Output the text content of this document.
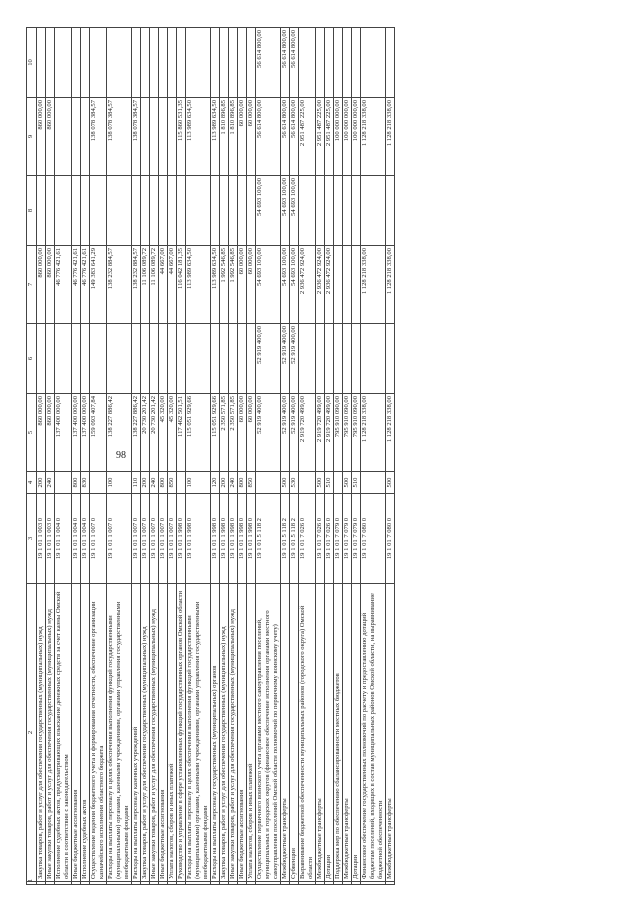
98
1	2	3	4	5	6	7	8	9	10
	Закупка товаров, работ и услуг для обеспечения государственных (муниципальных) нужд	19 1 01 1 003 0	200	860 000,00		860 000,00		860 000,00	
	Иные закупки товаров, работ и услуг для обеспечения государственных (муниципальных) нужд	19 1 01 1 003 0	240	860 000,00		860 000,00		860 000,00	
	Исполнение судебных актов, предусматривающих взыскание денежных средств за счет казны Омской области в соответствии с законодательством	19 1 01 1 004 0		137 400 000,00		46 776 421,61			
	Иные бюджетные ассигнования	19 1 01 1 004 0	800	137 400 000,00		46 776 421,61			
	Исполнение судебных актов	19 1 01 1 004 0	830	137 400 000,00		46 776 421,61			
	Осуществление ведения бюджетного учета и формирования отчетности, обеспечение организации казначейского исполнения областного бюджета	19 1 01 1 007 0		159 093 407,84		149 383 641,29		138 078 384,57	
	Расходы на выплаты персоналу в целях обеспечения выполнения функций государственными (муниципальными) органами, казенными учреждениями, органами управления государственными внебюджетными фондами	19 1 01 1 007 0	100	138 227 886,42		138 232 884,57		138 078 384,57	
	Расходы на выплаты персоналу казенных учреждений	19 1 01 1 007 0	110	138 227 886,42		138 232 884,57		138 078 384,57	
	Закупка товаров, работ и услуг для обеспечения государственных (муниципальных) нужд	19 1 01 1 007 0	200	20 730 201,42		11 106 089,72			
	Иные закупки товаров, работ и услуг для обеспечения государственных (муниципальных) нужд	19 1 01 1 007 0	240	20 730 201,42		11 106 089,72			
	Иные бюджетные ассигнования	19 1 01 1 007 0	800	45 320,00		44 667,00			
	Уплата налогов, сборов и иных платежей	19 1 01 1 007 0	850	45 320,00		44 667,00			
	Руководство и управление в сфере установленных функций государственных органов Омской области	19 1 01 1 998 0		117 462 501,51		116 042 181,35		115 860 531,35	
	Расходы на выплаты персоналу в целях обеспечения выполнения функций государственными (муниципальными) органами, казенными учреждениями, органами управления государственными внебюджетными фондами	19 1 01 1 998 0	100	115 051 929,66		113 989 634,50		113 989 634,50	
	Расходы на выплаты персоналу государственных (муниципальных) органов	19 1 01 1 998 0	120	115 051 929,66		113 989 634,50		113 989 634,50	
	Закупка товаров, работ и услуг для обеспечения государственных (муниципальных) нужд	19 1 01 1 998 0	200	2 350 571,85		1 992 546,85		1 810 896,85	
	Иные закупки товаров, работ и услуг для обеспечения государственных (муниципальных) нужд	19 1 01 1 998 0	240	2 350 571,85		1 992 546,85		1 810 896,85	
	Иные бюджетные ассигнования	19 1 01 1 998 0	800	60 000,00		60 000,00		60 000,00	
	Уплата налогов, сборов и иных платежей	19 1 01 1 998 0	850	60 000,00		60 000,00		60 000,00	
	Осуществление первичного воинского учета органами местного самоуправления поселений, муниципальных и городских округов (финансовое обеспечение исполнения органами местного самоуправления поселений Омской области полномочий по первичному воинскому учету)	19 1 01 5 118 2		52 919 400,00	52 919 400,00	54 693 100,00	54 693 100,00	56 614 800,00	56 614 800,00
	Межбюджетные трансферты	19 1 01 5 118 2	500	52 919 400,00	52 919 400,00	54 693 100,00	54 693 100,00	56 614 800,00	56 614 800,00
	Субвенции	19 1 01 5 118 2	530	52 919 400,00	52 919 400,00	54 693 100,00	54 693 100,00	56 614 800,00	56 614 800,00
	Выравнивание бюджетной обеспеченности муниципальных районов (городского округа) Омской области	19 1 01 7 026 0		2 919 720 499,00		2 936 472 924,00		2 951 487 225,00	
	Межбюджетные трансферты	19 1 01 7 026 0	500	2 919 720 499,00		2 936 472 924,00		2 951 487 225,00	
	Дотации	19 1 01 7 026 0	510	2 919 720 499,00		2 936 472 924,00		2 951 487 225,00	
	Поддержка мер по обеспечению сбалансированности местных бюджетов	19 1 01 7 079 0		795 910 090,00				100 000 000,00	
	Межбюджетные трансферты	19 1 01 7 079 0	500	795 910 090,00				100 000 000,00	
	Дотации	19 1 01 7 079 0	510	795 910 090,00				100 000 000,00	
	Финансовое обеспечение государственных полномочий по расчету и предоставлению дотаций бюджетам поселений, входящих в состав муниципальных районов Омской области, на выравнивание бюджетной обеспеченности	19 1 01 7 080 0		1 128 218 338,00		1 128 218 338,00		1 128 218 338,00	
	Межбюджетные трансферты	19 1 01 7 080 0	500	1 128 218 338,00		1 128 218 338,00		1 128 218 338,00	
